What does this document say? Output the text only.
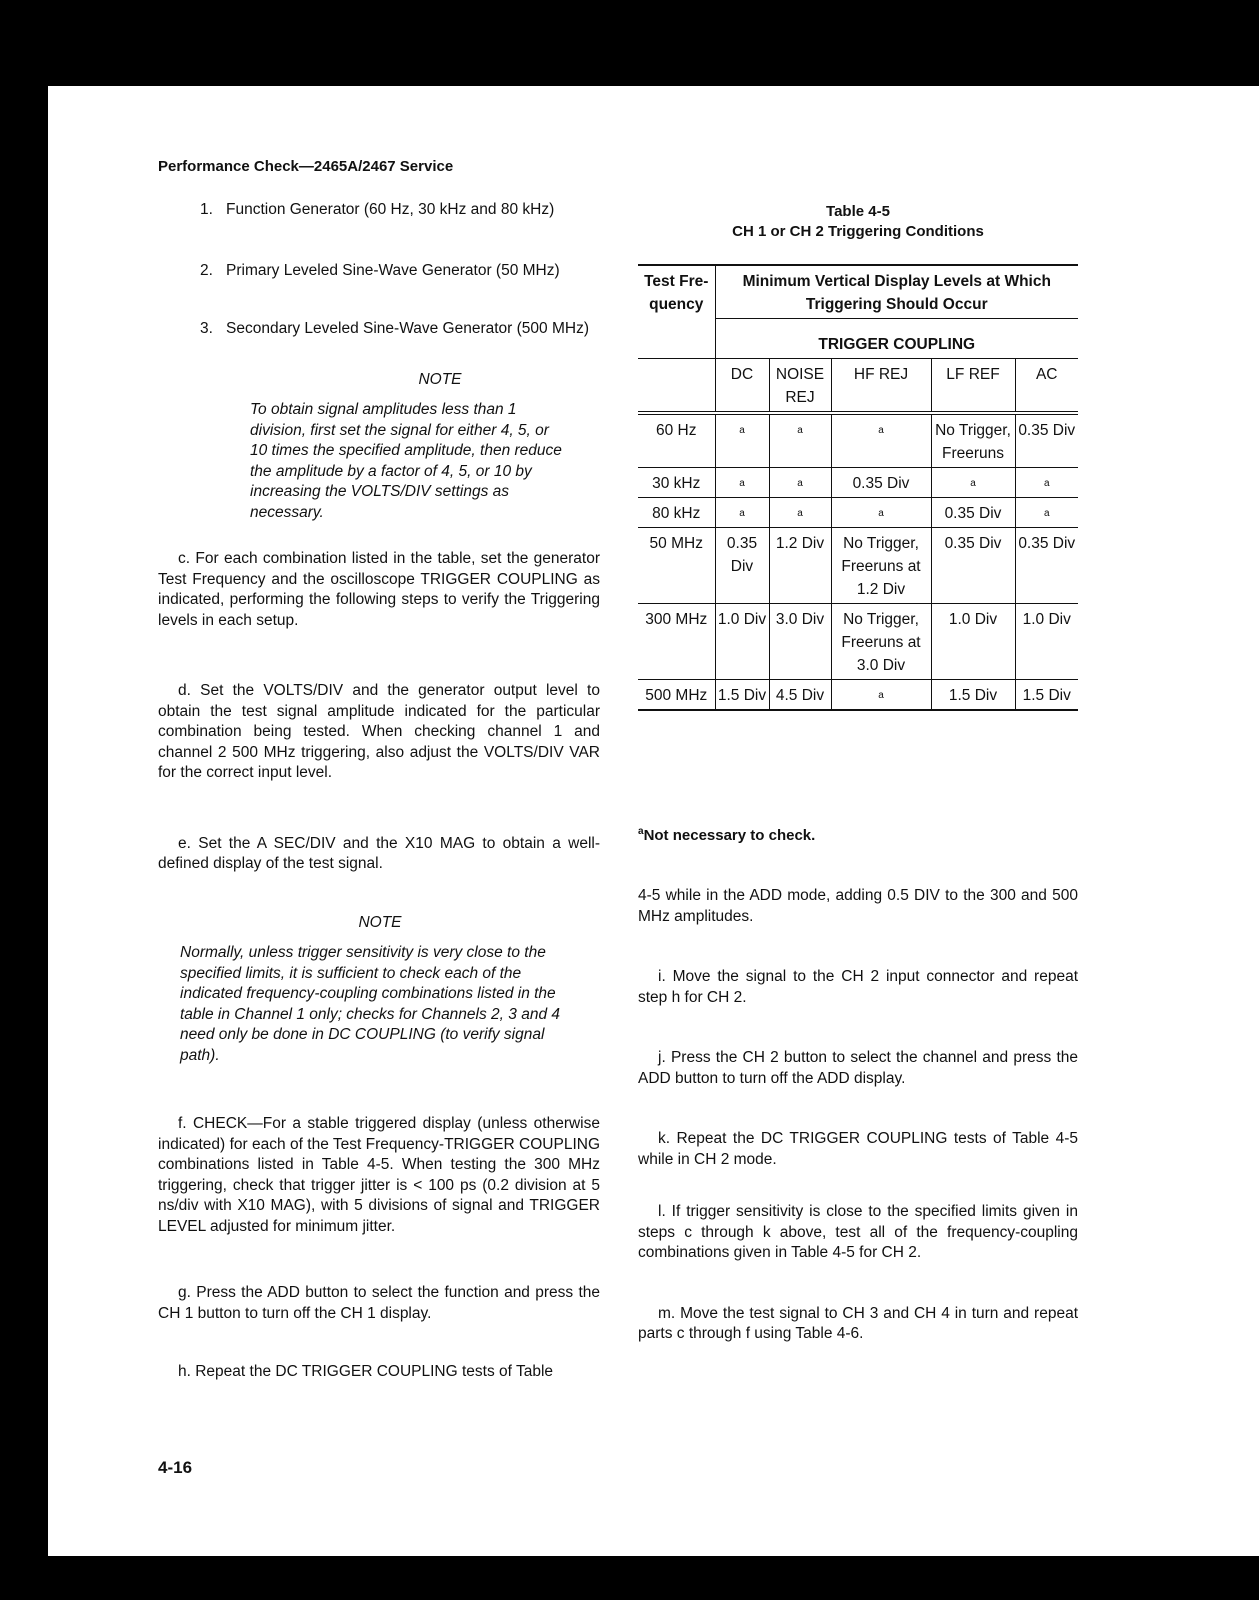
Performance Check—2465A/2467 Service
1. Function Generator (60 Hz, 30 kHz and 80 kHz)
2. Primary Leveled Sine-Wave Generator (50 MHz)
3. Secondary Leveled Sine-Wave Generator (500 MHz)
NOTE
To obtain signal amplitudes less than 1 division, first set the signal for either 4, 5, or 10 times the specified amplitude, then reduce the amplitude by a factor of 4, 5, or 10 by increasing the VOLTS/DIV settings as necessary.

c. For each combination listed in the table, set the generator Test Frequency and the oscilloscope TRIGGER COUPLING as indicated, performing the following steps to verify the Triggering levels in each setup.

d. Set the VOLTS/DIV and the generator output level to obtain the test signal amplitude indicated for the particular combination being tested. When checking channel 1 and channel 2 500 MHz triggering, also adjust the VOLTS/DIV VAR for the correct input level.

e. Set the A SEC/DIV and the X10 MAG to obtain a well-defined display of the test signal.

NOTE
Normally, unless trigger sensitivity is very close to the specified limits, it is sufficient to check each of the indicated frequency-coupling combinations listed in the table in Channel 1 only; checks for Channels 2, 3 and 4 need only be done in DC COUPLING (to verify signal path).

f. CHECK—For a stable triggered display (unless otherwise indicated) for each of the Test Frequency-TRIGGER COUPLING combinations listed in Table 4-5. When testing the 300 MHz triggering, check that trigger jitter is < 100 ps (0.2 division at 5 ns/div with X10 MAG), with 5 divisions of signal and TRIGGER LEVEL adjusted for minimum jitter.

g. Press the ADD button to select the function and press the CH 1 button to turn off the CH 1 display.

h. Repeat the DC TRIGGER COUPLING tests of Table

Table 4-5
CH 1 or CH 2 Triggering Conditions
Test Fre- quency	Minimum Vertical Display Levels at Which Triggering Should Occur				
	TRIGGER COUPLING				
	DC	NOISE REJ	HF REJ	LF REF	AC
60 Hz	a	a	a	No Trigger, Freeruns	0.35 Div
30 kHz	a	a	0.35 Div	a	a
80 kHz	a	a	a	0.35 Div	a
50 MHz	0.35 Div	1.2 Div	No Trigger, Freeruns at 1.2 Div	0.35 Div	0.35 Div
300 MHz	1.0 Div	3.0 Div	No Trigger, Freeruns at 3.0 Div	1.0 Div	1.0 Div
500 MHz	1.5 Div	4.5 Div	a	1.5 Div	1.5 Div
$^a$Not necessary to check.

4-5 while in the ADD mode, adding 0.5 DIV to the 300 and 500 MHz amplitudes.

i. Move the signal to the CH 2 input connector and repeat step h for CH 2.

j. Press the CH 2 button to select the channel and press the ADD button to turn off the ADD display.

k. Repeat the DC TRIGGER COUPLING tests of Table 4-5 while in CH 2 mode.

l. If trigger sensitivity is close to the specified limits given in steps c through k above, test all of the frequency-coupling combinations given in Table 4-5 for CH 2.

m. Move the test signal to CH 3 and CH 4 in turn and repeat parts c through f using Table 4-6.

4-16
